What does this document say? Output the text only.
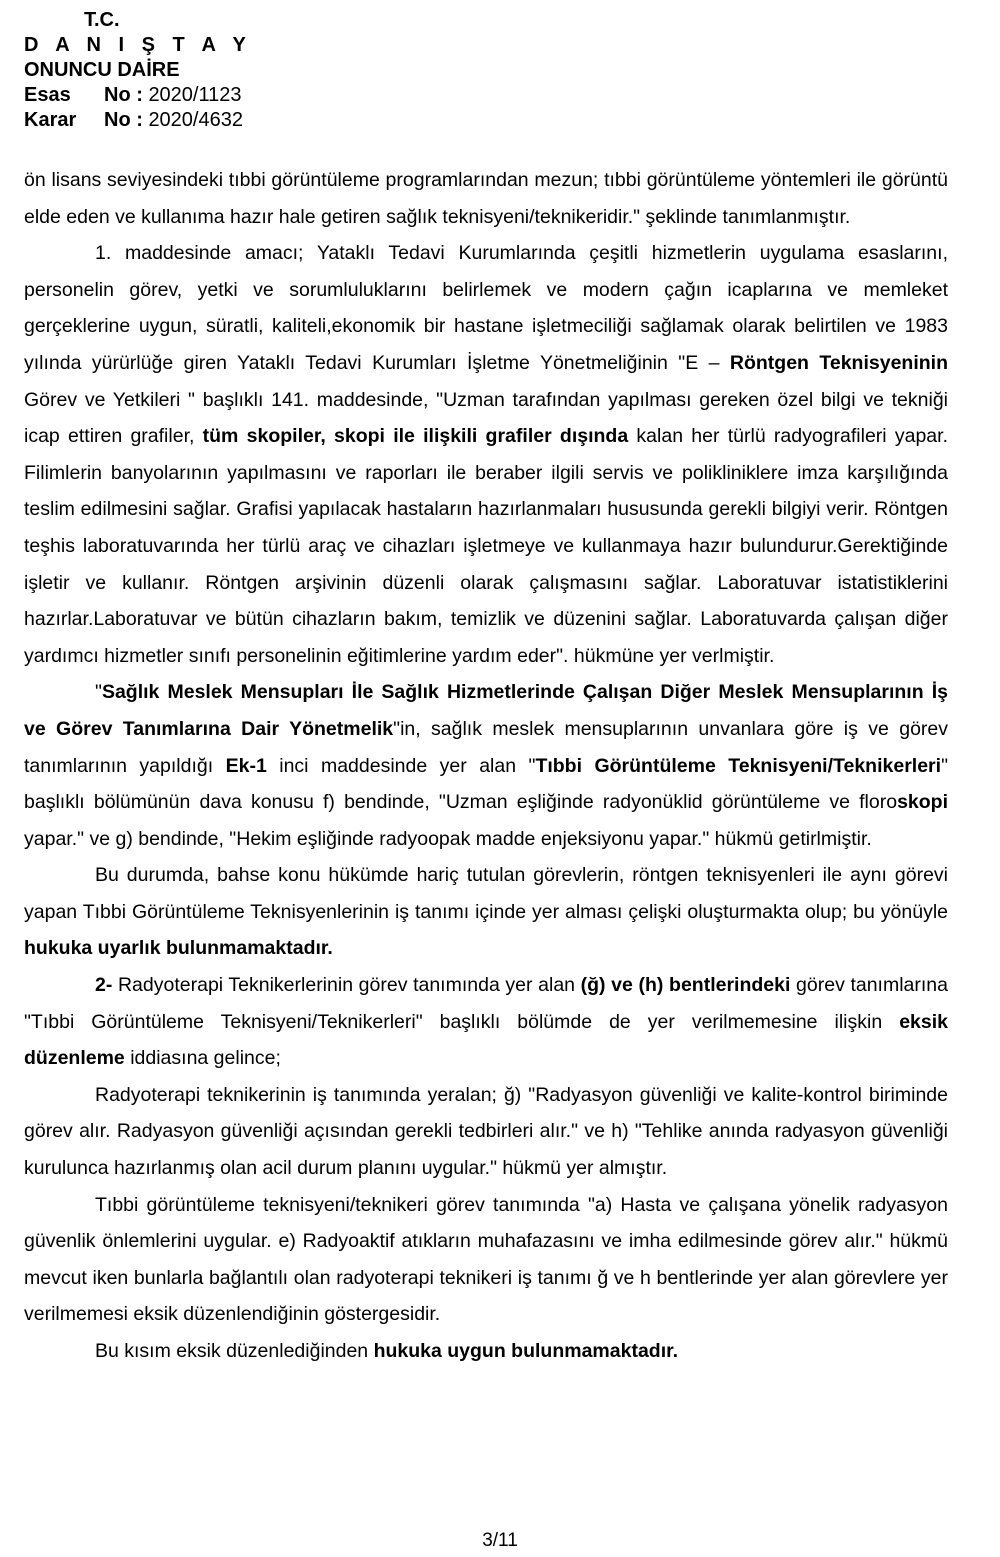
T.C.
D A N I Ş T A Y
ONUNCU DAİRE
Esas No : 2020/1123
Karar No : 2020/4632

ön lisans seviyesindeki tıbbi görüntüleme programlarından mezun; tıbbi görüntüleme yöntemleri ile görüntü elde eden ve kullanıma hazır hale getiren sağlık teknisyeni/teknikeridir." şeklinde tanımlanmıştır.

1. maddesinde amacı; Yataklı Tedavi Kurumlarında çeşitli hizmetlerin uygulama esaslarını, personelin görev, yetki ve sorumluluklarını belirlemek ve modern çağın icaplarına ve memleket gerçeklerine uygun, süratli, kaliteli,ekonomik bir hastane işletmeciliği sağlamak olarak belirtilen ve 1983 yılında yürürlüğe giren Yataklı Tedavi Kurumları İşletme Yönetmeliğinin "E – Röntgen Teknisyeninin Görev ve Yetkileri " başlıklı 141. maddesinde, "Uzman tarafından yapılması gereken özel bilgi ve tekniği icap ettiren grafiler, tüm skopiler, skopi ile ilişkili grafiler dışında kalan her türlü radyografileri yapar. Filimlerin banyolarının yapılmasını ve raporları ile beraber ilgili servis ve polikliniklere imza karşılığında teslim edilmesini sağlar. Grafisi yapılacak hastaların hazırlanmaları hususunda gerekli bilgiyi verir. Röntgen teşhis laboratuvarında her türlü araç ve cihazları işletmeye ve kullanmaya hazır bulundurur.Gerektiğinde işletir ve kullanır. Röntgen arşivinin düzenli olarak çalışmasını sağlar. Laboratuvar istatistiklerini hazırlar.Laboratuvar ve bütün cihazların bakım, temizlik ve düzenini sağlar. Laboratuvarda çalışan diğer yardımcı hizmetler sınıfı personelinin eğitimlerine yardım eder". hükmüne yer verlmiştir.

"Sağlık Meslek Mensupları İle Sağlık Hizmetlerinde Çalışan Diğer Meslek Mensuplarının İş ve Görev Tanımlarına Dair Yönetmelik"in, sağlık meslek mensuplarının unvanlara göre iş ve görev tanımlarının yapıldığı Ek-1 inci maddesinde yer alan "Tıbbi Görüntüleme Teknisyeni/Teknikerleri" başlıklı bölümünün dava konusu f) bendinde, "Uzman eşliğinde radyonüklid görüntüleme ve floroskopi yapar." ve g) bendinde, "Hekim eşliğinde radyoopak madde enjeksiyonu yapar." hükmü getirlmiştir.

Bu durumda, bahse konu hükümde hariç tutulan görevlerin, röntgen teknisyenleri ile aynı görevi yapan Tıbbi Görüntüleme Teknisyenlerinin iş tanımı içinde yer alması çelişki oluşturmakta olup; bu yönüyle hukuka uyarlık bulunmamaktadır.

2- Radyoterapi Teknikerlerinin görev tanımında yer alan (ğ) ve (h) bentlerindeki görev tanımlarına "Tıbbi Görüntüleme Teknisyeni/Teknikerleri" başlıklı bölümde de yer verilmemesine ilişkin eksik düzenleme iddiasına gelince;

Radyoterapi teknikerinin iş tanımında yeralan; ğ) "Radyasyon güvenliği ve kalite-kontrol biriminde görev alır. Radyasyon güvenliği açısından gerekli tedbirleri alır." ve h) "Tehlike anında radyasyon güvenliği kurulunca hazırlanmış olan acil durum planını uygular." hükmü yer almıştır.

Tıbbi görüntüleme teknisyeni/teknikeri görev tanımında "a) Hasta ve çalışana yönelik radyasyon güvenlik önlemlerini uygular. e) Radyoaktif atıkların muhafazasını ve imha edilmesinde görev alır." hükmü mevcut iken bunlarla bağlantılı olan radyoterapi teknikeri iş tanımı ğ ve h bentlerinde yer alan görevlere yer verilmemesi eksik düzenlendiğinin göstergesidir.

Bu kısım eksik düzenlediğinden hukuka uygun bulunmamaktadır.

3/11
